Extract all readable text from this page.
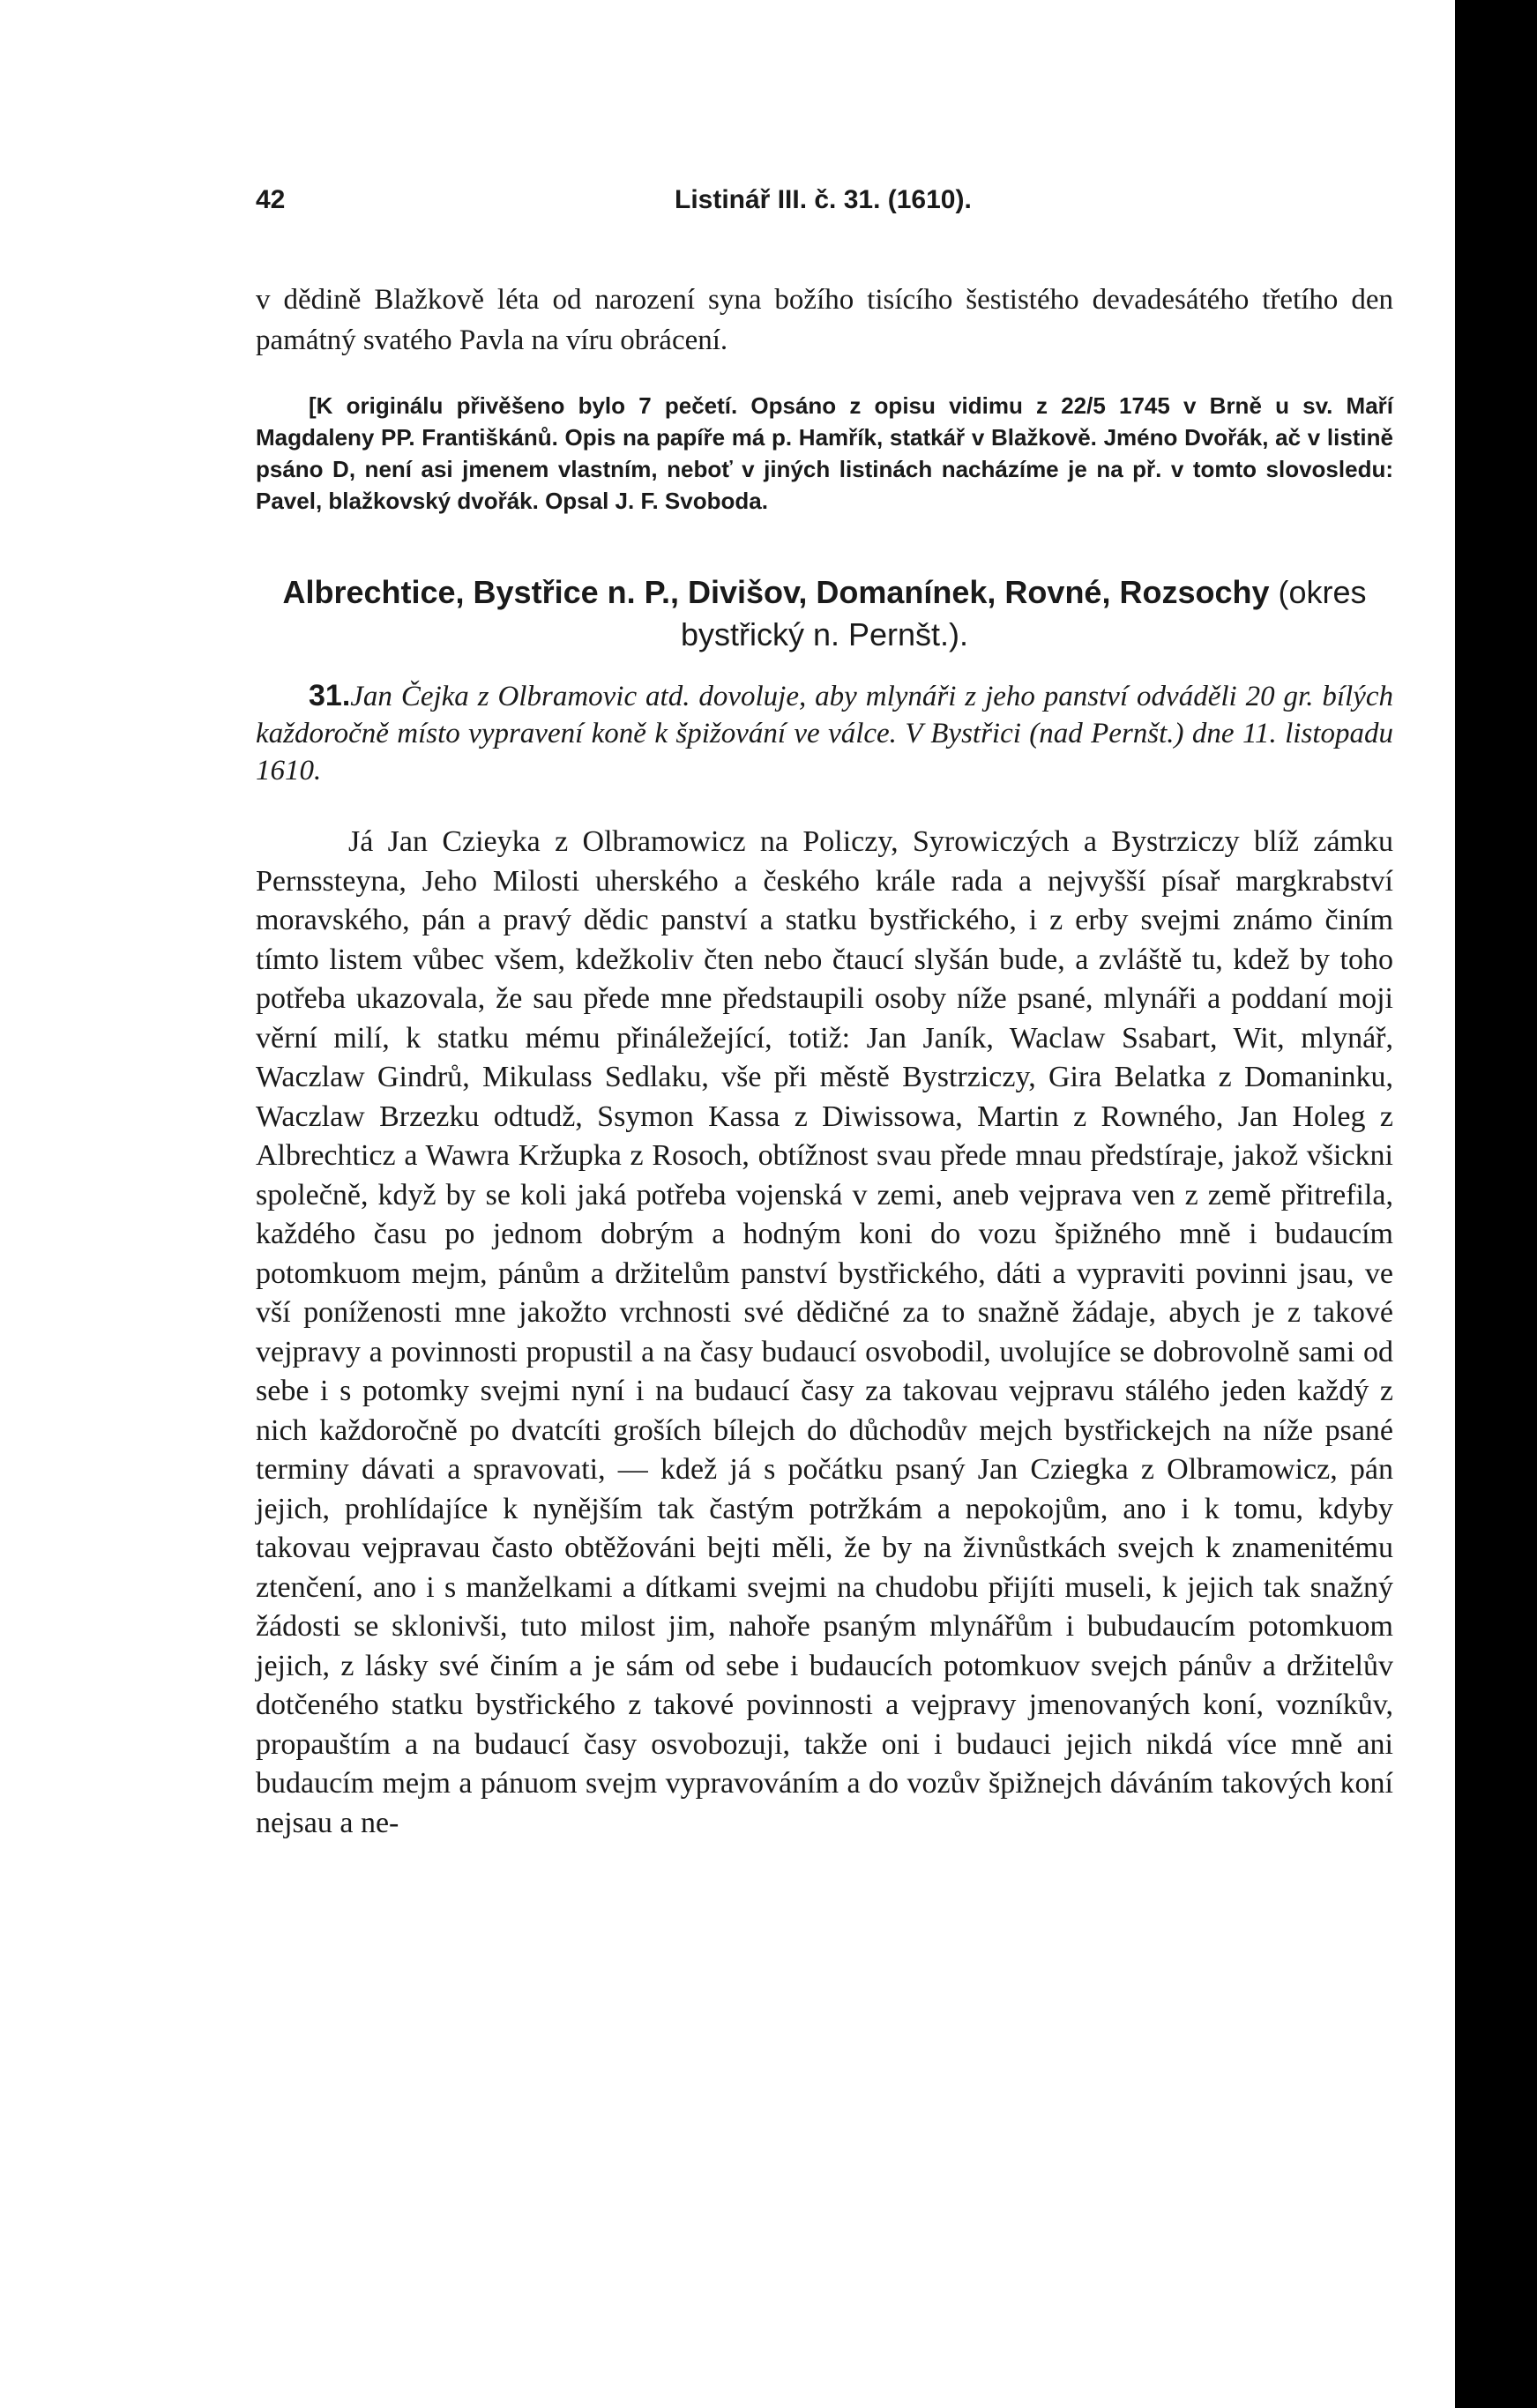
42	Listinář III. č. 31. (1610).

v dědině Blažkově léta od narození syna božího tisícího šestistého devadesátého třetího den památný svatého Pavla na víru obrácení.

[K originálu přivěšeno bylo 7 pečetí. Opsáno z opisu vidimu z 22/5 1745 v Brně u sv. Maří Magdaleny PP. Františkánů. Opis na papíře má p. Hamřík, statkář v Blažkově. Jméno Dvořák, ač v listině psáno D, není asi jmenem vlastním, neboť v jiných listinách nacházíme je na př. v tomto slovosledu: Pavel, blažkovský dvořák. Opsal J. F. Svoboda.

Albrechtice, Bystřice n. P., Divišov, Domanínek, Rovné, Rozsochy (okres bystřický n. Pernšt.).
31.Jan Čejka z Olbramovic atd. dovoluje, aby mlynáři z jeho panství odváděli 20 gr. bílých každoročně místo vypravení koně k špižování ve válce. V Bystřici (nad Pernšt.) dne 11. listopadu 1610.

Já Jan Czieyka z Olbramowicz na Policzy, Syrowiczých a Bystrziczy blíž zámku Pernssteyna, Jeho Milosti uherského a českého krále rada a nejvyšší písař margkrabství moravského, pán a pravý dědic panství a statku bystřického, i z erby svejmi známo činím tímto listem vůbec všem, kdežkoliv čten nebo čtaucí slyšán bude, a zvláště tu, kdež by toho potřeba ukazovala, že sau přede mne předstaupili osoby níže psané, mlynáři a poddaní moji věrní milí, k statku mému přináležející, totiž: Jan Janík, Waclaw Ssabart, Wit, mlynář, Waczlaw Gindrů, Mikulass Sedlaku, vše při městě Bystrziczy, Gira Belatka z Domaninku, Waczlaw Brzezku odtudž, Ssymon Kassa z Diwissowa, Martin z Rowného, Jan Holeg z Albrechticz a Wawra Kržupka z Rosoch, obtížnost svau přede mnau předstíraje, jakož všickni společně, když by se koli jaká potřeba vojenská v zemi, aneb vejprava ven z země přitrefila, každého času po jednom dobrým a hodným koni do vozu špižného mně i budaucím potomkuom mejm, pánům a držitelům panství bystřického, dáti a vypraviti povinni jsau, ve vší poníženosti mne jakožto vrchnosti své dědičné za to snažně žádaje, abych je z takové vejpravy a povinnosti propustil a na časy budaucí osvobodil, uvolujíce se dobrovolně sami od sebe i s potomky svejmi nyní i na budaucí časy za takovau vejpravu stálého jeden každý z nich každoročně po dvatcíti groších bílejch do důchodův mejch bystřickejch na níže psané terminy dávati a spravovati, — kdež já s počátku psaný Jan Cziegka z Olbramowicz, pán jejich, prohlídajíce k nynějším tak častým potržkám a nepokojům, ano i k tomu, kdyby takovau vejpravau často obtěžováni bejti měli, že by na živnůstkách svejch k znamenitému ztenčení, ano i s manželkami a dítkami svejmi na chudobu přijíti museli, k jejich tak snažný žádosti se sklonivši, tuto milost jim, nahoře psaným mlynářům i bubudaucím potomkuom jejich, z lásky své činím a je sám od sebe i budaucích potomkuov svejch pánův a držitelův dotčeného statku bystřického z takové povinnosti a vejpravy jmenovaných koní, vozníkův, propauštím a na budaucí časy osvobozuji, takže oni i budauci jejich nikdá více mně ani budaucím mejm a pánuom svejm vypravováním a do vozův špižnejch dáváním takových koní nejsau a ne-
